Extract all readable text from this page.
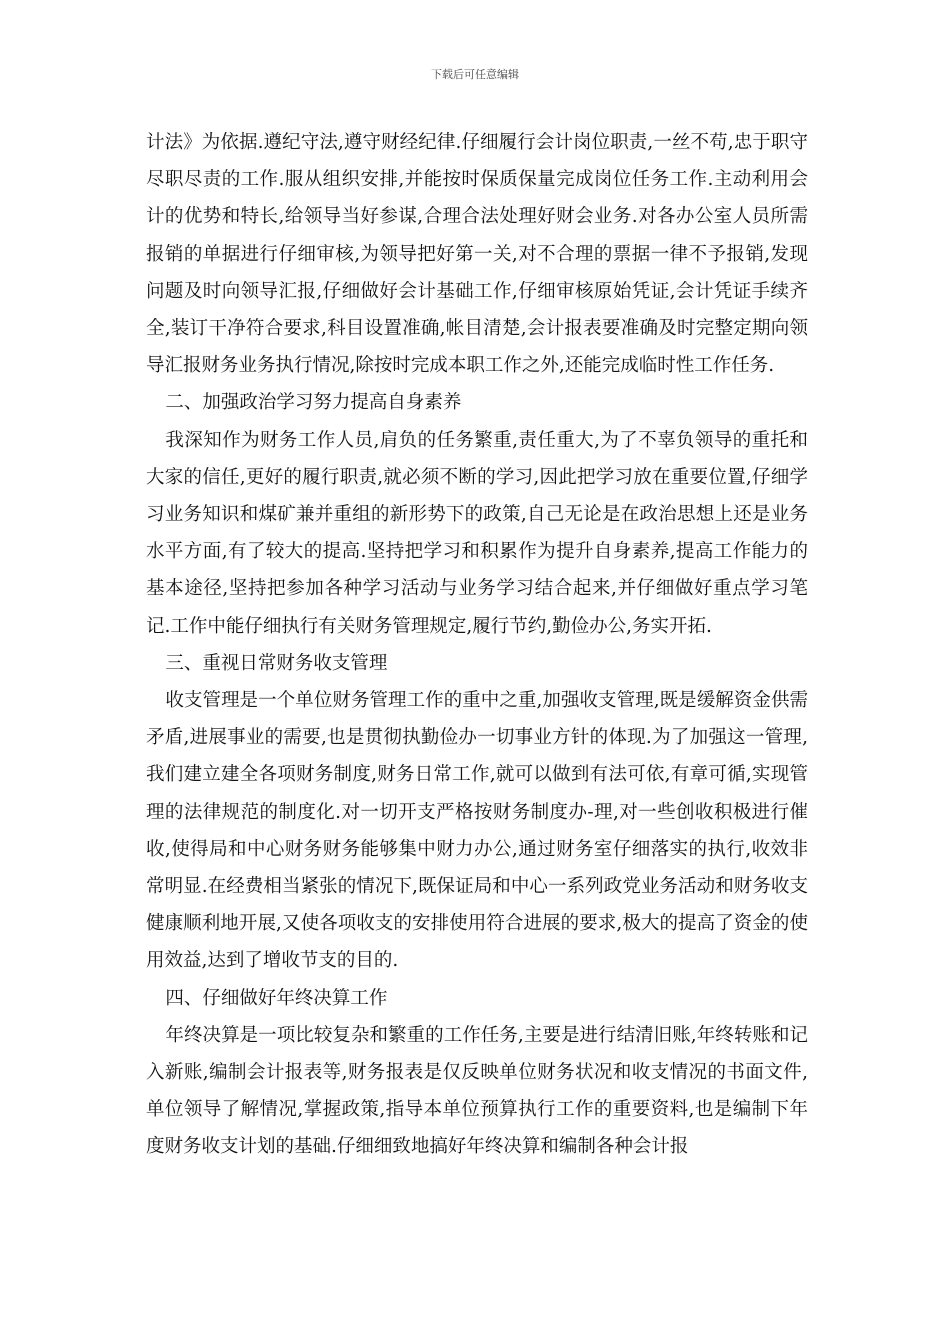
下载后可任意编辑

计法》为依据.遵纪守法,遵守财经纪律.仔细履行会计岗位职责,一丝不苟,忠于职守尽职尽责的工作.服从组织安排,并能按时保质保量完成岗位任务工作.主动利用会计的优势和特长,给领导当好参谋,合理合法处理好财会业务.对各办公室人员所需报销的单据进行仔细审核,为领导把好第一关,对不合理的票据一律不予报销,发现问题及时向领导汇报,仔细做好会计基础工作,仔细审核原始凭证,会计凭证手续齐全,装订干净符合要求,科目设置准确,帐目清楚,会计报表要准确及时完整定期向领导汇报财务业务执行情况,除按时完成本职工作之外,还能完成临时性工作任务.

二、加强政治学习努力提高自身素养

我深知作为财务工作人员,肩负的任务繁重,责任重大,为了不辜负领导的重托和大家的信任,更好的履行职责,就必须不断的学习,因此把学习放在重要位置,仔细学习业务知识和煤矿兼并重组的新形势下的政策,自己无论是在政治思想上还是业务水平方面,有了较大的提高.坚持把学习和积累作为提升自身素养,提高工作能力的基本途径,坚持把参加各种学习活动与业务学习结合起来,并仔细做好重点学习笔记.工作中能仔细执行有关财务管理规定,履行节约,勤俭办公,务实开拓.

三、重视日常财务收支管理

收支管理是一个单位财务管理工作的重中之重,加强收支管理,既是缓解资金供需矛盾,进展事业的需要,也是贯彻执勤俭办一切事业方针的体现.为了加强这一管理,我们建立建全各项财务制度,财务日常工作,就可以做到有法可依,有章可循,实现管理的法律规范的制度化.对一切开支严格按财务制度办-理,对一些创收积极进行催收,使得局和中心财务财务能够集中财力办公,通过财务室仔细落实的执行,收效非常明显.在经费相当紧张的情况下,既保证局和中心一系列政党业务活动和财务收支健康顺利地开展,又使各项收支的安排使用符合进展的要求,极大的提高了资金的使用效益,达到了增收节支的目的.

四、仔细做好年终决算工作

年终决算是一项比较复杂和繁重的工作任务,主要是进行结清旧账,年终转账和记入新账,编制会计报表等,财务报表是仅反映单位财务状况和收支情况的书面文件,单位领导了解情况,掌握政策,指导本单位预算执行工作的重要资料,也是编制下年度财务收支计划的基础.仔细细致地搞好年终决算和编制各种会计报
